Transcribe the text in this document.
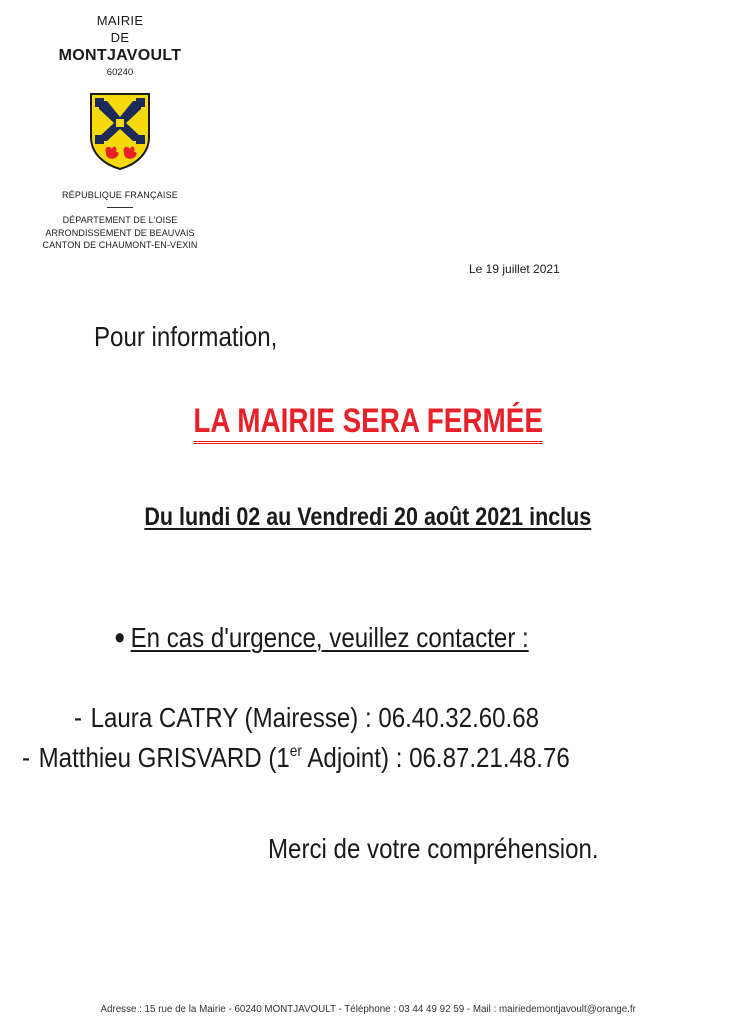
MAIRIE
DE
MONTJAVOULT
60240
RÉPUBLIQUE FRANÇAISE
DÉPARTEMENT DE L'OISE
ARRONDISSEMENT DE BEAUVAIS
CANTON DE CHAUMONT-EN-VEXIN
Le 19 juillet 2021
Pour information,
LA MAIRIE SERA FERMÉE
Du lundi 02 au Vendredi 20 août 2021 inclus
● En cas d'urgence, veuillez contacter :
- Laura CATRY (Mairesse) : 06.40.32.60.68
- Matthieu GRISVARD (1er Adjoint) : 06.87.21.48.76
Merci de votre compréhension.
Adresse : 15 rue de la Mairie - 60240 MONTJAVOULT - Téléphone : 03 44 49 92 59 - Mail : mairiedemontjavoult@orange.fr
